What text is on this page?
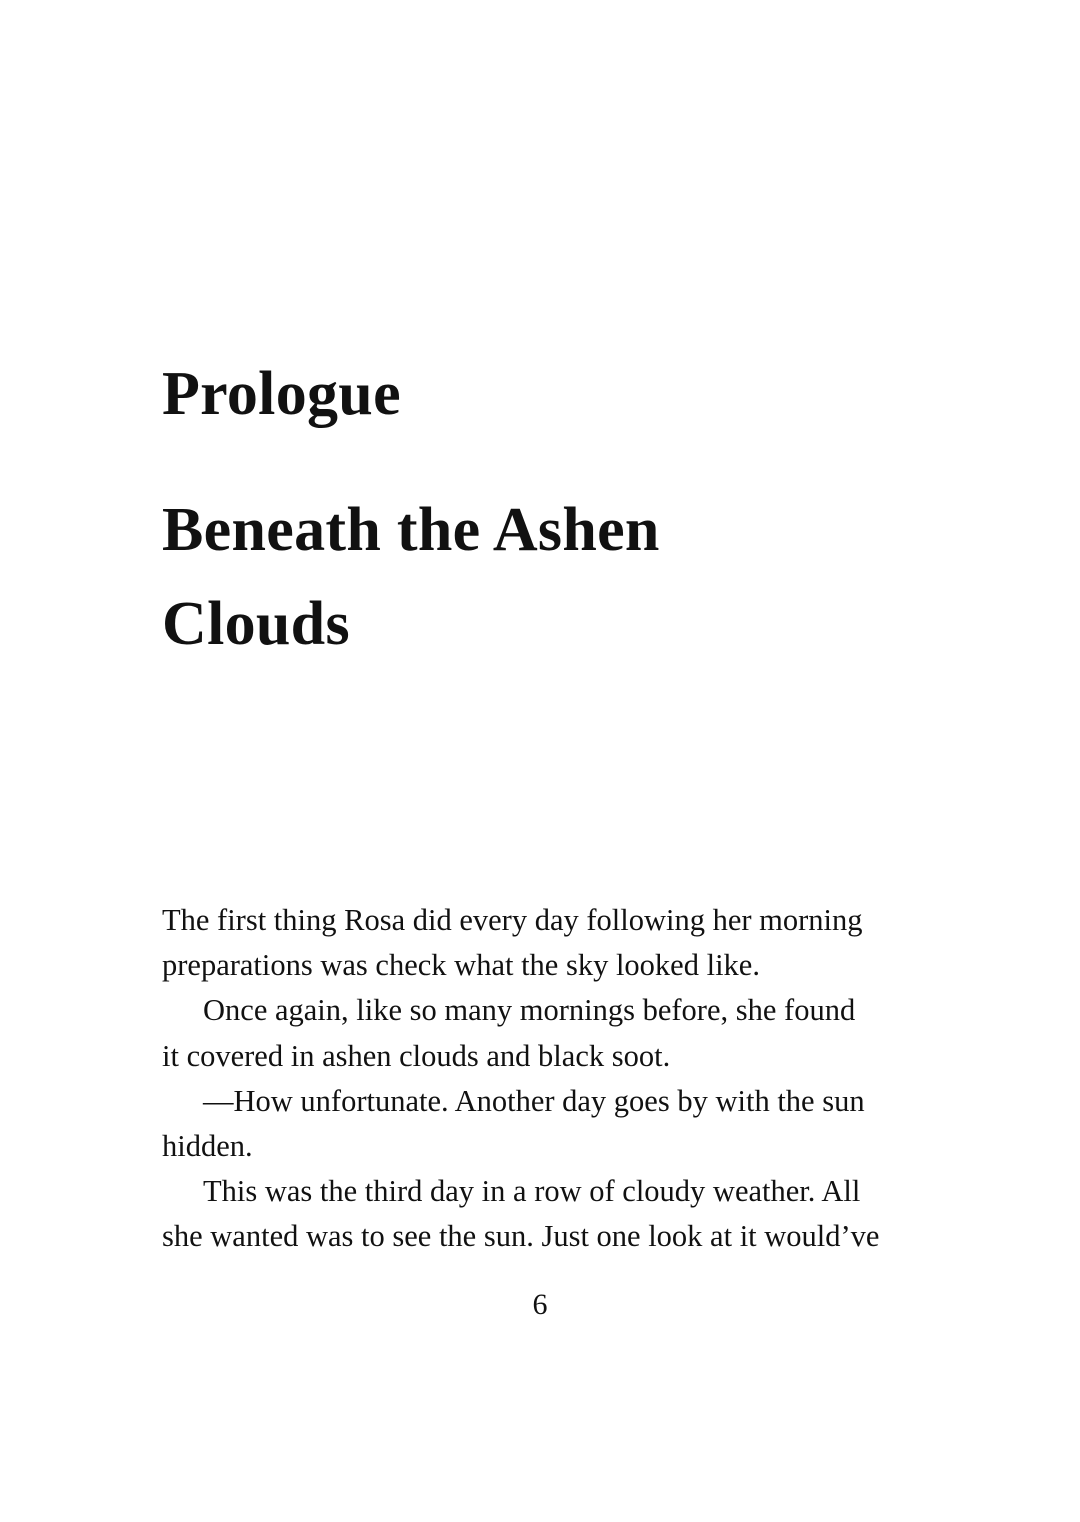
Prologue
Beneath the Ashen
Clouds
The first thing Rosa did every day following her morning
preparations was check what the sky looked like.
Once again, like so many mornings before, she found
it covered in ashen clouds and black soot.
—How unfortunate. Another day goes by with the sun
hidden.
This was the third day in a row of cloudy weather. All
she wanted was to see the sun. Just one look at it would’ve
6
